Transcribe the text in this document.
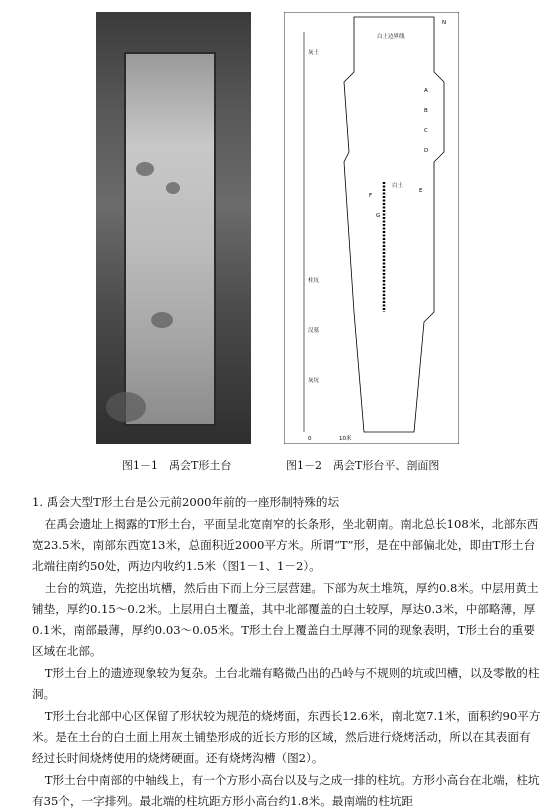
白土边界线
白土
灰土
汉墓
灰坑
柱坑
F
G
E
D
C
B
A
N
0	10米
图1－1　禹会T形土台	图1－2　禹会T形台平、剖面图

1. 禹会大型T形土台是公元前2000年前的一座形制特殊的坛

在禹会遗址上揭露的T形土台，平面呈北宽南窄的长条形，坐北朝南。南北总长108米，北部东西宽23.5米，南部东西宽13米，总面积近2000平方米。所谓“T”形，是在中部偏北处，即由T形土台北端往南约50处，两边内收约1.5米（图1－1、1－2）。

土台的筑造，先挖出坑槽，然后由下而上分三层营建。下部为灰土堆筑，厚约0.8米。中层用黄土铺垫，厚约0.15～0.2米。上层用白土覆盖，其中北部覆盖的白土较厚，厚达0.3米，中部略薄，厚0.1米，南部最薄，厚约0.03～0.05米。T形土台上覆盖白土厚薄不同的现象表明，T形土台的重要区域在北部。

T形土台上的遗迹现象较为复杂。土台北端有略微凸出的凸岭与不规则的坑或凹槽，以及零散的柱洞。

T形土台北部中心区保留了形状较为规范的烧烤面，东西长12.6米，南北宽7.1米，面积约90平方米。是在土台的白土面上用灰土铺垫形成的近长方形的区域，然后进行烧烤活动，所以在其表面有经过长时间烧烤使用的烧烤硬面。还有烧烤沟槽（图2）。

T形土台中南部的中轴线上，有一个方形小高台以及与之成一排的柱坑。方形小高台在北端，柱坑有35个，一字排列。最北端的柱坑距方形小高台约1.8米。最南端的柱坑距
